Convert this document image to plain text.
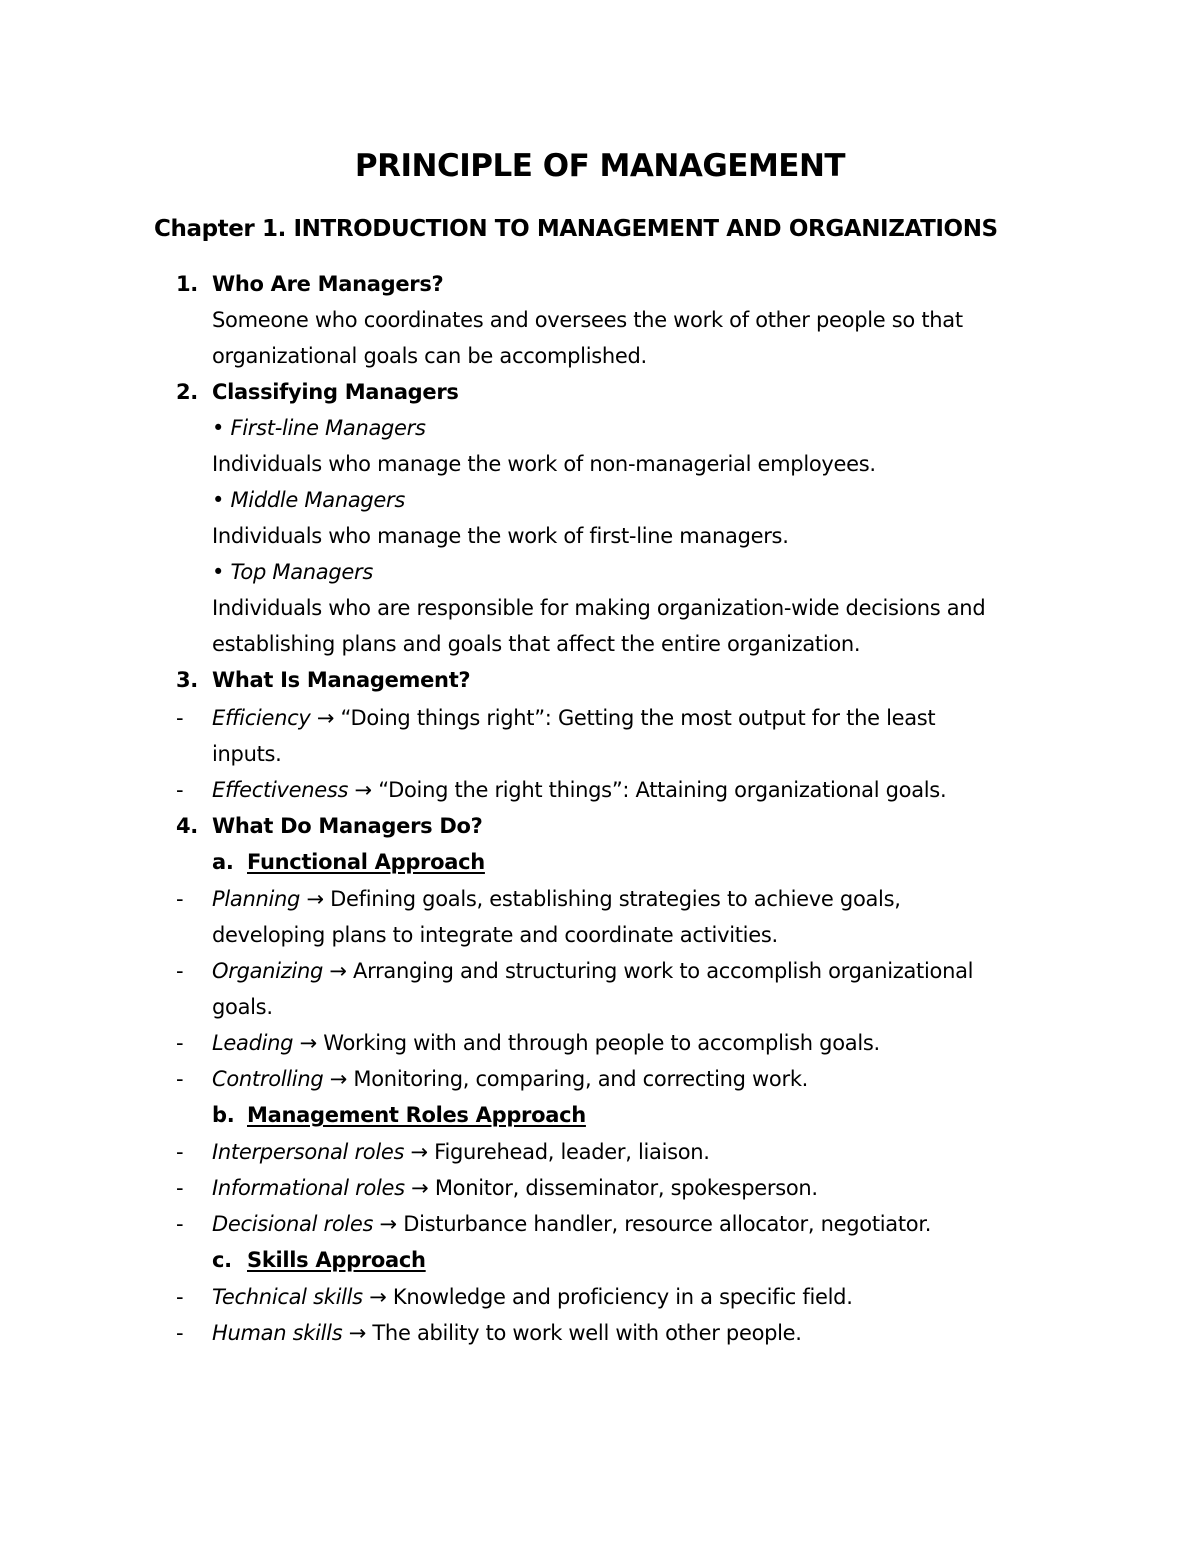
PRINCIPLE OF MANAGEMENT
Chapter 1. INTRODUCTION TO MANAGEMENT AND ORGANIZATIONS
1. Who Are Managers?
Someone who coordinates and oversees the work of other people so that
organizational goals can be accomplished.
2. Classifying Managers
• First-line Managers
Individuals who manage the work of non-managerial employees.
• Middle Managers
Individuals who manage the work of first-line managers.
• Top Managers
Individuals who are responsible for making organization-wide decisions and
establishing plans and goals that affect the entire organization.
3. What Is Management?
- Efficiency → “Doing things right”: Getting the most output for the least
inputs.
- Effectiveness → “Doing the right things”: Attaining organizational goals.
4. What Do Managers Do?
a. Functional Approach
- Planning → Defining goals, establishing strategies to achieve goals,
developing plans to integrate and coordinate activities.
- Organizing → Arranging and structuring work to accomplish organizational
goals.
- Leading → Working with and through people to accomplish goals.
- Controlling → Monitoring, comparing, and correcting work.
b. Management Roles Approach
- Interpersonal roles → Figurehead, leader, liaison.
- Informational roles → Monitor, disseminator, spokesperson.
- Decisional roles → Disturbance handler, resource allocator, negotiator.
c. Skills Approach
- Technical skills → Knowledge and proficiency in a specific field.
- Human skills → The ability to work well with other people.
